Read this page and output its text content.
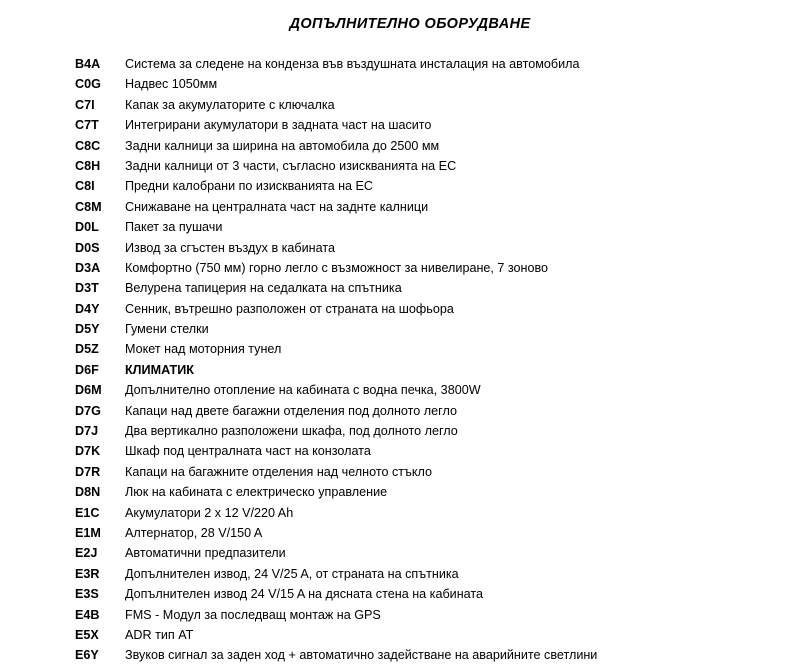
ДОПЪЛНИТЕЛНО ОБОРУДВАНЕ
B4A	Система за следене на конденза във въздушната инсталация на автомобила
C0G	Надвес 1050мм
C7I	Капак за акумулаторите с ключалка
C7T	Интегрирани акумулатори в задната част на шасито
C8C	Задни калници за ширина на автомобила до 2500 мм
C8H	Задни калници от 3 части, съгласно изискванията на ЕС
C8I	Предни калобрани по изискванията на ЕС
C8M	Снижаване на централната част на заднте калници
D0L	Пакет за пушачи
D0S	Извод за сгъстен въздух в кабината
D3A	Комфортно (750 мм) горно легло с възможност за нивелиране, 7 зоново
D3T	Велурена тапицерия на седалката на спътника
D4Y	Сенник, вътрешно разположен от страната на шофьора
D5Y	Гумени стелки
D5Z	Мокет над моторния тунел
D6F	КЛИМАТИК
D6M	Допълнително отопление на кабината с водна печка, 3800W
D7G	Капаци над двете багажни отделения под долното легло
D7J	Два вертикално разположени шкафа, под долното легло
D7K	Шкаф под централната част на конзолата
D7R	Капаци на багажните отделения над челното стъкло
D8N	Люк на кабината с електрическо управление
E1C	Акумулатори 2 х 12 V/220 Ah
E1M	Алтернатор, 28 V/150 A
E2J	Автоматични предпазители
E3R	Допълнителен извод, 24 V/25 A, от страната на спътника
E3S	Допълнителен извод 24 V/15 A на дясната стена на кабината
E4B	FMS - Модул за последващ монтаж на GPS
E5X	ADR тип AT
E6Y	Звуков сигнал за заден ход + автоматично задействане на аварийните светлини
